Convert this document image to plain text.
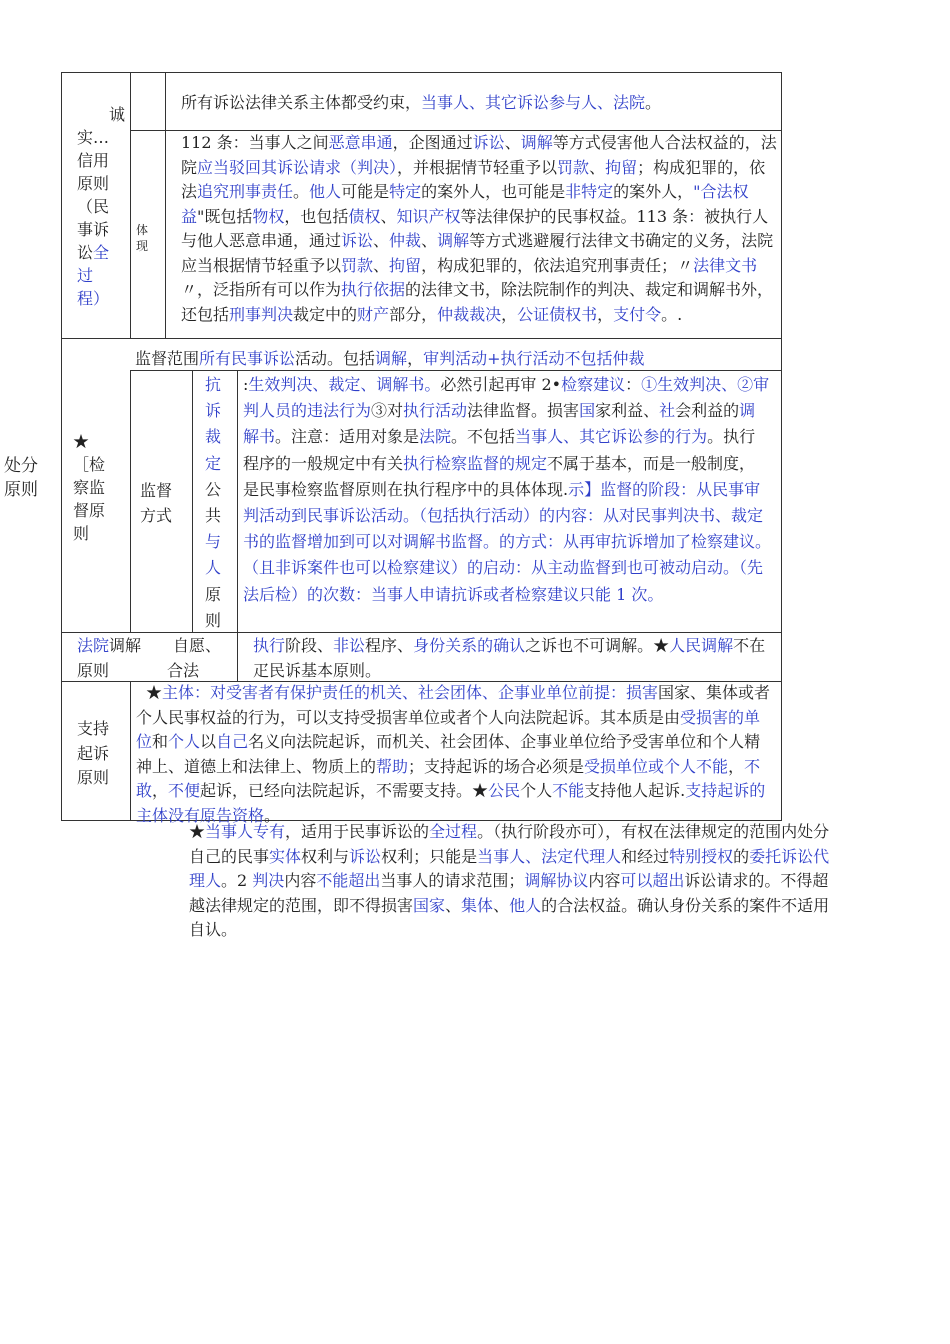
处分原则
诚
实…
信用
原则
（民
事诉
讼全
过
程）
体现
所有诉讼法律关系主体都受约束，当事人、其它诉讼参与人、法院。
112 条：当事人之间恶意串通，企图通过诉讼、调解等方式侵害他人合法权益的，法院应当驳回其诉讼请求（判决），并根据情节轻重予以罚款、拘留；构成犯罪的，依法追究刑事责任。他人可能是特定的案外人，也可能是非特定的案外人，"合法权益"既包括物权，也包括债权、知识产权等法律保护的民事权益。113 条：被执行人与他人恶意串通，通过诉讼、仲裁、调解等方式逃避履行法律文书确定的义务，法院应当根据情节轻重予以罚款、拘留，构成犯罪的，依法追究刑事责任；〃法律文书〃，泛指所有可以作为执行依据的法律文书，除法院制作的判决、裁定和调解书外，还包括刑事判决裁定中的财产部分，仲裁裁决，公证债权书，支付令。.
★［检察监督原则
监督范围所有民事诉讼活动。包括调解，审判活动+执行活动不包括仲裁
监督方式
抗
诉
裁
定
公
共
与
人
原
则
:生效判决、裁定、调解书。必然引起再审 2•检察建议：①生效判决、②审判人员的违法行为③对执行活动法律监督。损害国家利益、社会利益的调解书。注意：适用对象是法院。不包括当事人、其它诉讼参的行为。执行程序的一般规定中有关执行检察监督的规定不属于基本，而是一般制度，是民事检察监督原则在执行程序中的具体体现.示】监督的阶段：从民事审判活动到民事诉讼活动。（包括执行活动）的内容：从对民事判决书、裁定书的监督增加到可以对调解书监督。的方式：从再审抗诉增加了检察建议。（且非诉案件也可以检察建议）的启动：从主动监督到也可被动启动。（先法后检）的次数：当事人申请抗诉或者检察建议只能 1 次。
法院调解
原则
自愿、
合法
执行阶段、非讼程序、身份关系的确认之诉也不可调解。★人民调解不在疋民诉基本原则。
支持
起诉
原则
★主体：对受害者有保护责任的机关、社会团体、企事业单位前提：损害国家、集体或者个人民事权益的行为，可以支持受损害单位或者个人向法院起诉。其本质是由受损害的单位和个人以自己名义向法院起诉，而机关、社会团体、企事业单位给予受害单位和个人精神上、道德上和法律上、物质上的帮助；支持起诉的场合必须是受损单位或个人不能，不敢，不便起诉，已经向法院起诉，不需要支持。★公民个人不能支持他人起诉.支持起诉的主体没有原告资格。
★当事人专有，适用于民事诉讼的全过程。（执行阶段亦可），有权在法律规定的范围内处分自己的民事实体权利与诉讼权利；只能是当事人、法定代理人和经过特别授权的委托诉讼代理人。2 判决内容不能超出当事人的请求范围；调解协议内容可以超出诉讼请求的。不得超越法律规定的范围，即不得损害国家、集体、他人的合法权益。确认身份关系的案件不适用自认。
